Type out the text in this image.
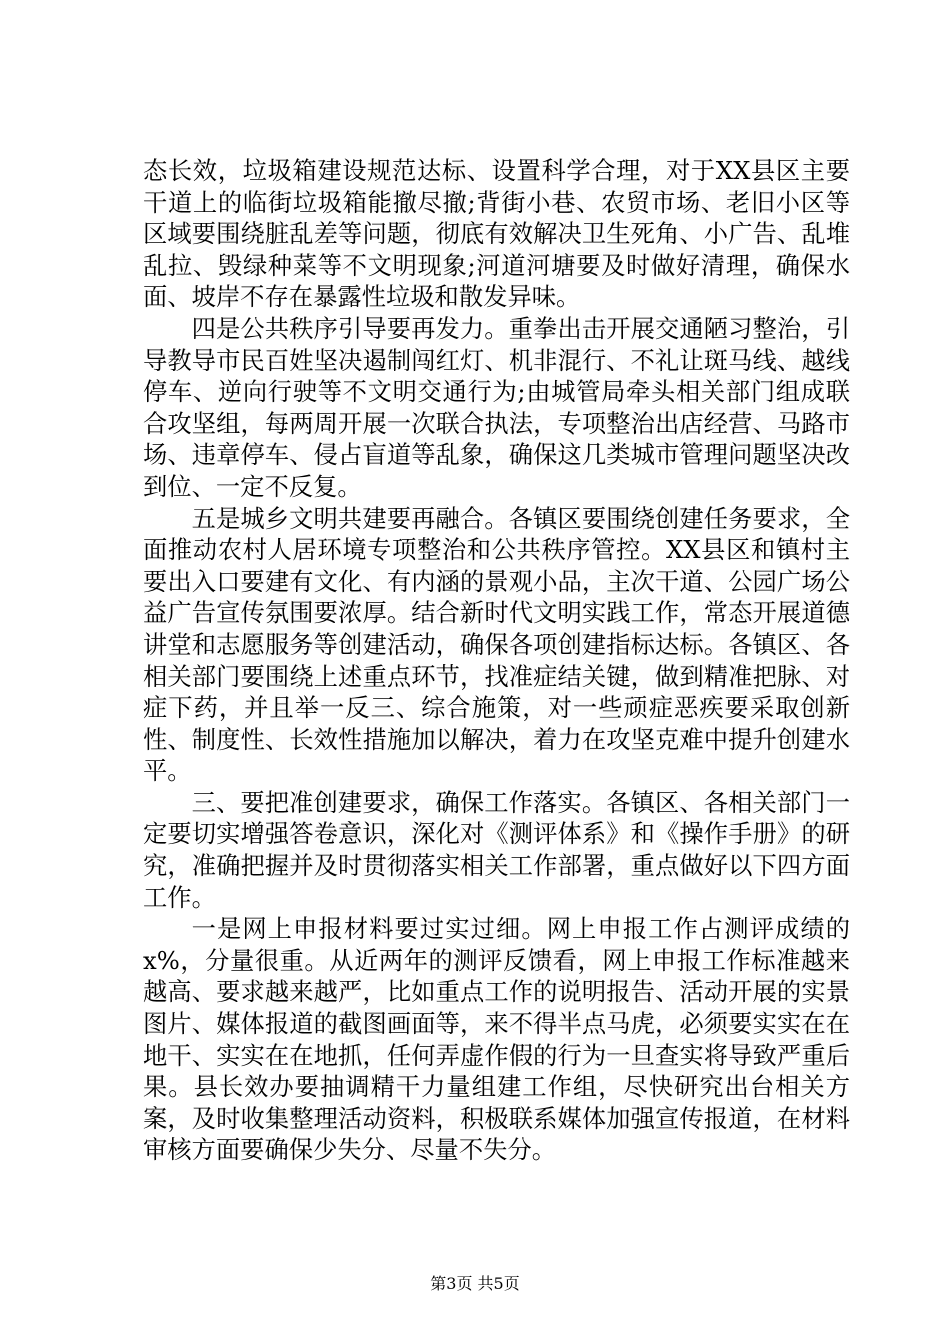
态长效，垃圾箱建设规范达标、设置科学合理，对于XX县区主要干道上的临街垃圾箱能撤尽撤;背街小巷、农贸市场、老旧小区等区域要围绕脏乱差等问题，彻底有效解决卫生死角、小广告、乱堆乱拉、毁绿种菜等不文明现象;河道河塘要及时做好清理，确保水面、坡岸不存在暴露性垃圾和散发异味。

四是公共秩序引导要再发力。重拳出击开展交通陋习整治，引导教导市民百姓坚决遏制闯红灯、机非混行、不礼让斑马线、越线停车、逆向行驶等不文明交通行为;由城管局牵头相关部门组成联合攻坚组，每两周开展一次联合执法，专项整治出店经营、马路市场、违章停车、侵占盲道等乱象，确保这几类城市管理问题坚决改到位、一定不反复。

五是城乡文明共建要再融合。各镇区要围绕创建任务要求，全面推动农村人居环境专项整治和公共秩序管控。XX县区和镇村主要出入口要建有文化、有内涵的景观小品，主次干道、公园广场公益广告宣传氛围要浓厚。结合新时代文明实践工作，常态开展道德讲堂和志愿服务等创建活动，确保各项创建指标达标。各镇区、各相关部门要围绕上述重点环节，找准症结关键，做到精准把脉、对症下药，并且举一反三、综合施策，对一些顽症恶疾要采取创新性、制度性、长效性措施加以解决，着力在攻坚克难中提升创建水平。

三、要把准创建要求，确保工作落实。各镇区、各相关部门一定要切实增强答卷意识，深化对《测评体系》和《操作手册》的研究，准确把握并及时贯彻落实相关工作部署，重点做好以下四方面工作。

一是网上申报材料要过实过细。网上申报工作占测评成绩的x%，分量很重。从近两年的测评反馈看，网上申报工作标准越来越高、要求越来越严，比如重点工作的说明报告、活动开展的实景图片、媒体报道的截图画面等，来不得半点马虎，必须要实实在在地干、实实在在地抓，任何弄虚作假的行为一旦查实将导致严重后果。县长效办要抽调精干力量组建工作组，尽快研究出台相关方案，及时收集整理活动资料，积极联系媒体加强宣传报道，在材料审核方面要确保少失分、尽量不失分。

第3页 共5页
